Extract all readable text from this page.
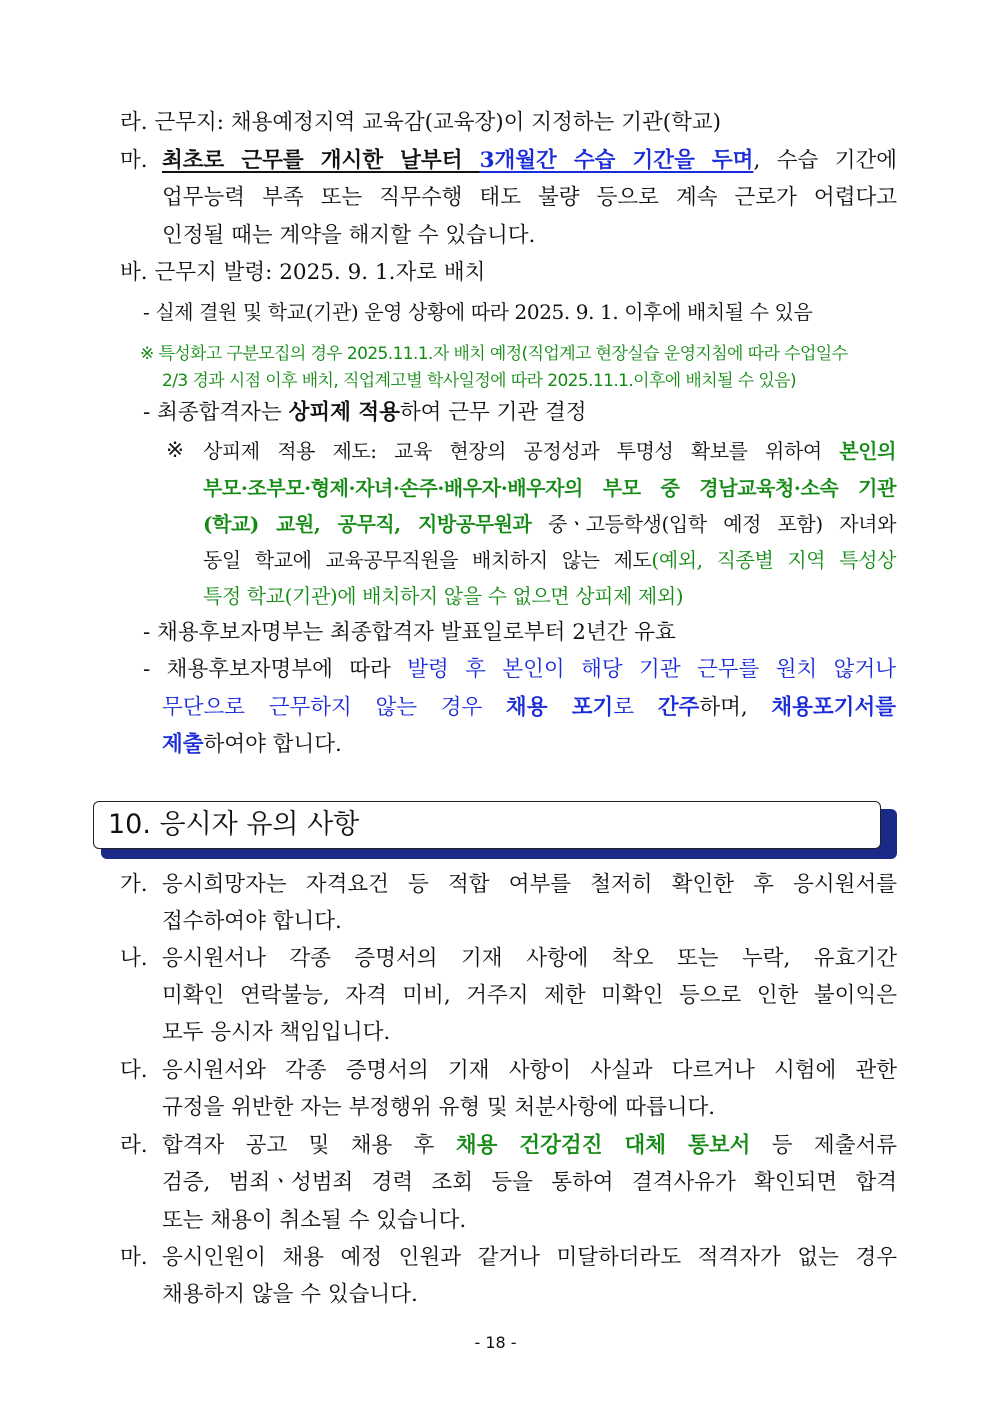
라. 근무지: 채용예정지역 교육감(교육장)이 지정하는 기관(학교)
마. 최초로 근무를 개시한 날부터 3개월간 수습 기간을 두며, 수습 기간에
업무능력 부족 또는 직무수행 태도 불량 등으로 계속 근로가 어렵다고
인정될 때는 계약을 해지할 수 있습니다.
바. 근무지 발령: 2025. 9. 1.자로 배치
- 실제 결원 및 학교(기관) 운영 상황에 따라 2025. 9. 1. 이후에 배치될 수 있음
※ 특성화고 구분모집의 경우 2025.11.1.자 배치 예정(직업계고 현장실습 운영지침에 따라 수업일수
2/3 경과 시점 이후 배치, 직업계고별 학사일정에 따라 2025.11.1.이후에 배치될 수 있음)
- 최종합격자는 상피제 적용하여 근무 기관 결정
※ 상피제 적용 제도: 교육 현장의 공정성과 투명성 확보를 위하여 본인의
부모·조부모·형제·자녀·손주·배우자·배우자의 부모 중 경남교육청·소속 기관
(학교) 교원, 공무직, 지방공무원과 중ㆍ고등학생(입학 예정 포함) 자녀와
동일 학교에 교육공무직원을 배치하지 않는 제도(예외, 직종별 지역 특성상
특정 학교(기관)에 배치하지 않을 수 없으면 상피제 제외)
- 채용후보자명부는 최종합격자 발표일로부터 2년간 유효
- 채용후보자명부에 따라 발령 후 본인이 해당 기관 근무를 원치 않거나
무단으로 근무하지 않는 경우 채용 포기로 간주하며, 채용포기서를
제출하여야 합니다.
10. 응시자 유의 사항
가. 응시희망자는 자격요건 등 적합 여부를 철저히 확인한 후 응시원서를
접수하여야 합니다.
나. 응시원서나 각종 증명서의 기재 사항에 착오 또는 누락, 유효기간
미확인 연락불능, 자격 미비, 거주지 제한 미확인 등으로 인한 불이익은
모두 응시자 책임입니다.
다. 응시원서와 각종 증명서의 기재 사항이 사실과 다르거나 시험에 관한
규정을 위반한 자는 부정행위 유형 및 처분사항에 따릅니다.
라. 합격자 공고 및 채용 후 채용 건강검진 대체 통보서 등 제출서류
검증, 범죄ㆍ성범죄 경력 조회 등을 통하여 결격사유가 확인되면 합격
또는 채용이 취소될 수 있습니다.
마. 응시인원이 채용 예정 인원과 같거나 미달하더라도 적격자가 없는 경우
채용하지 않을 수 있습니다.
- 18 -
